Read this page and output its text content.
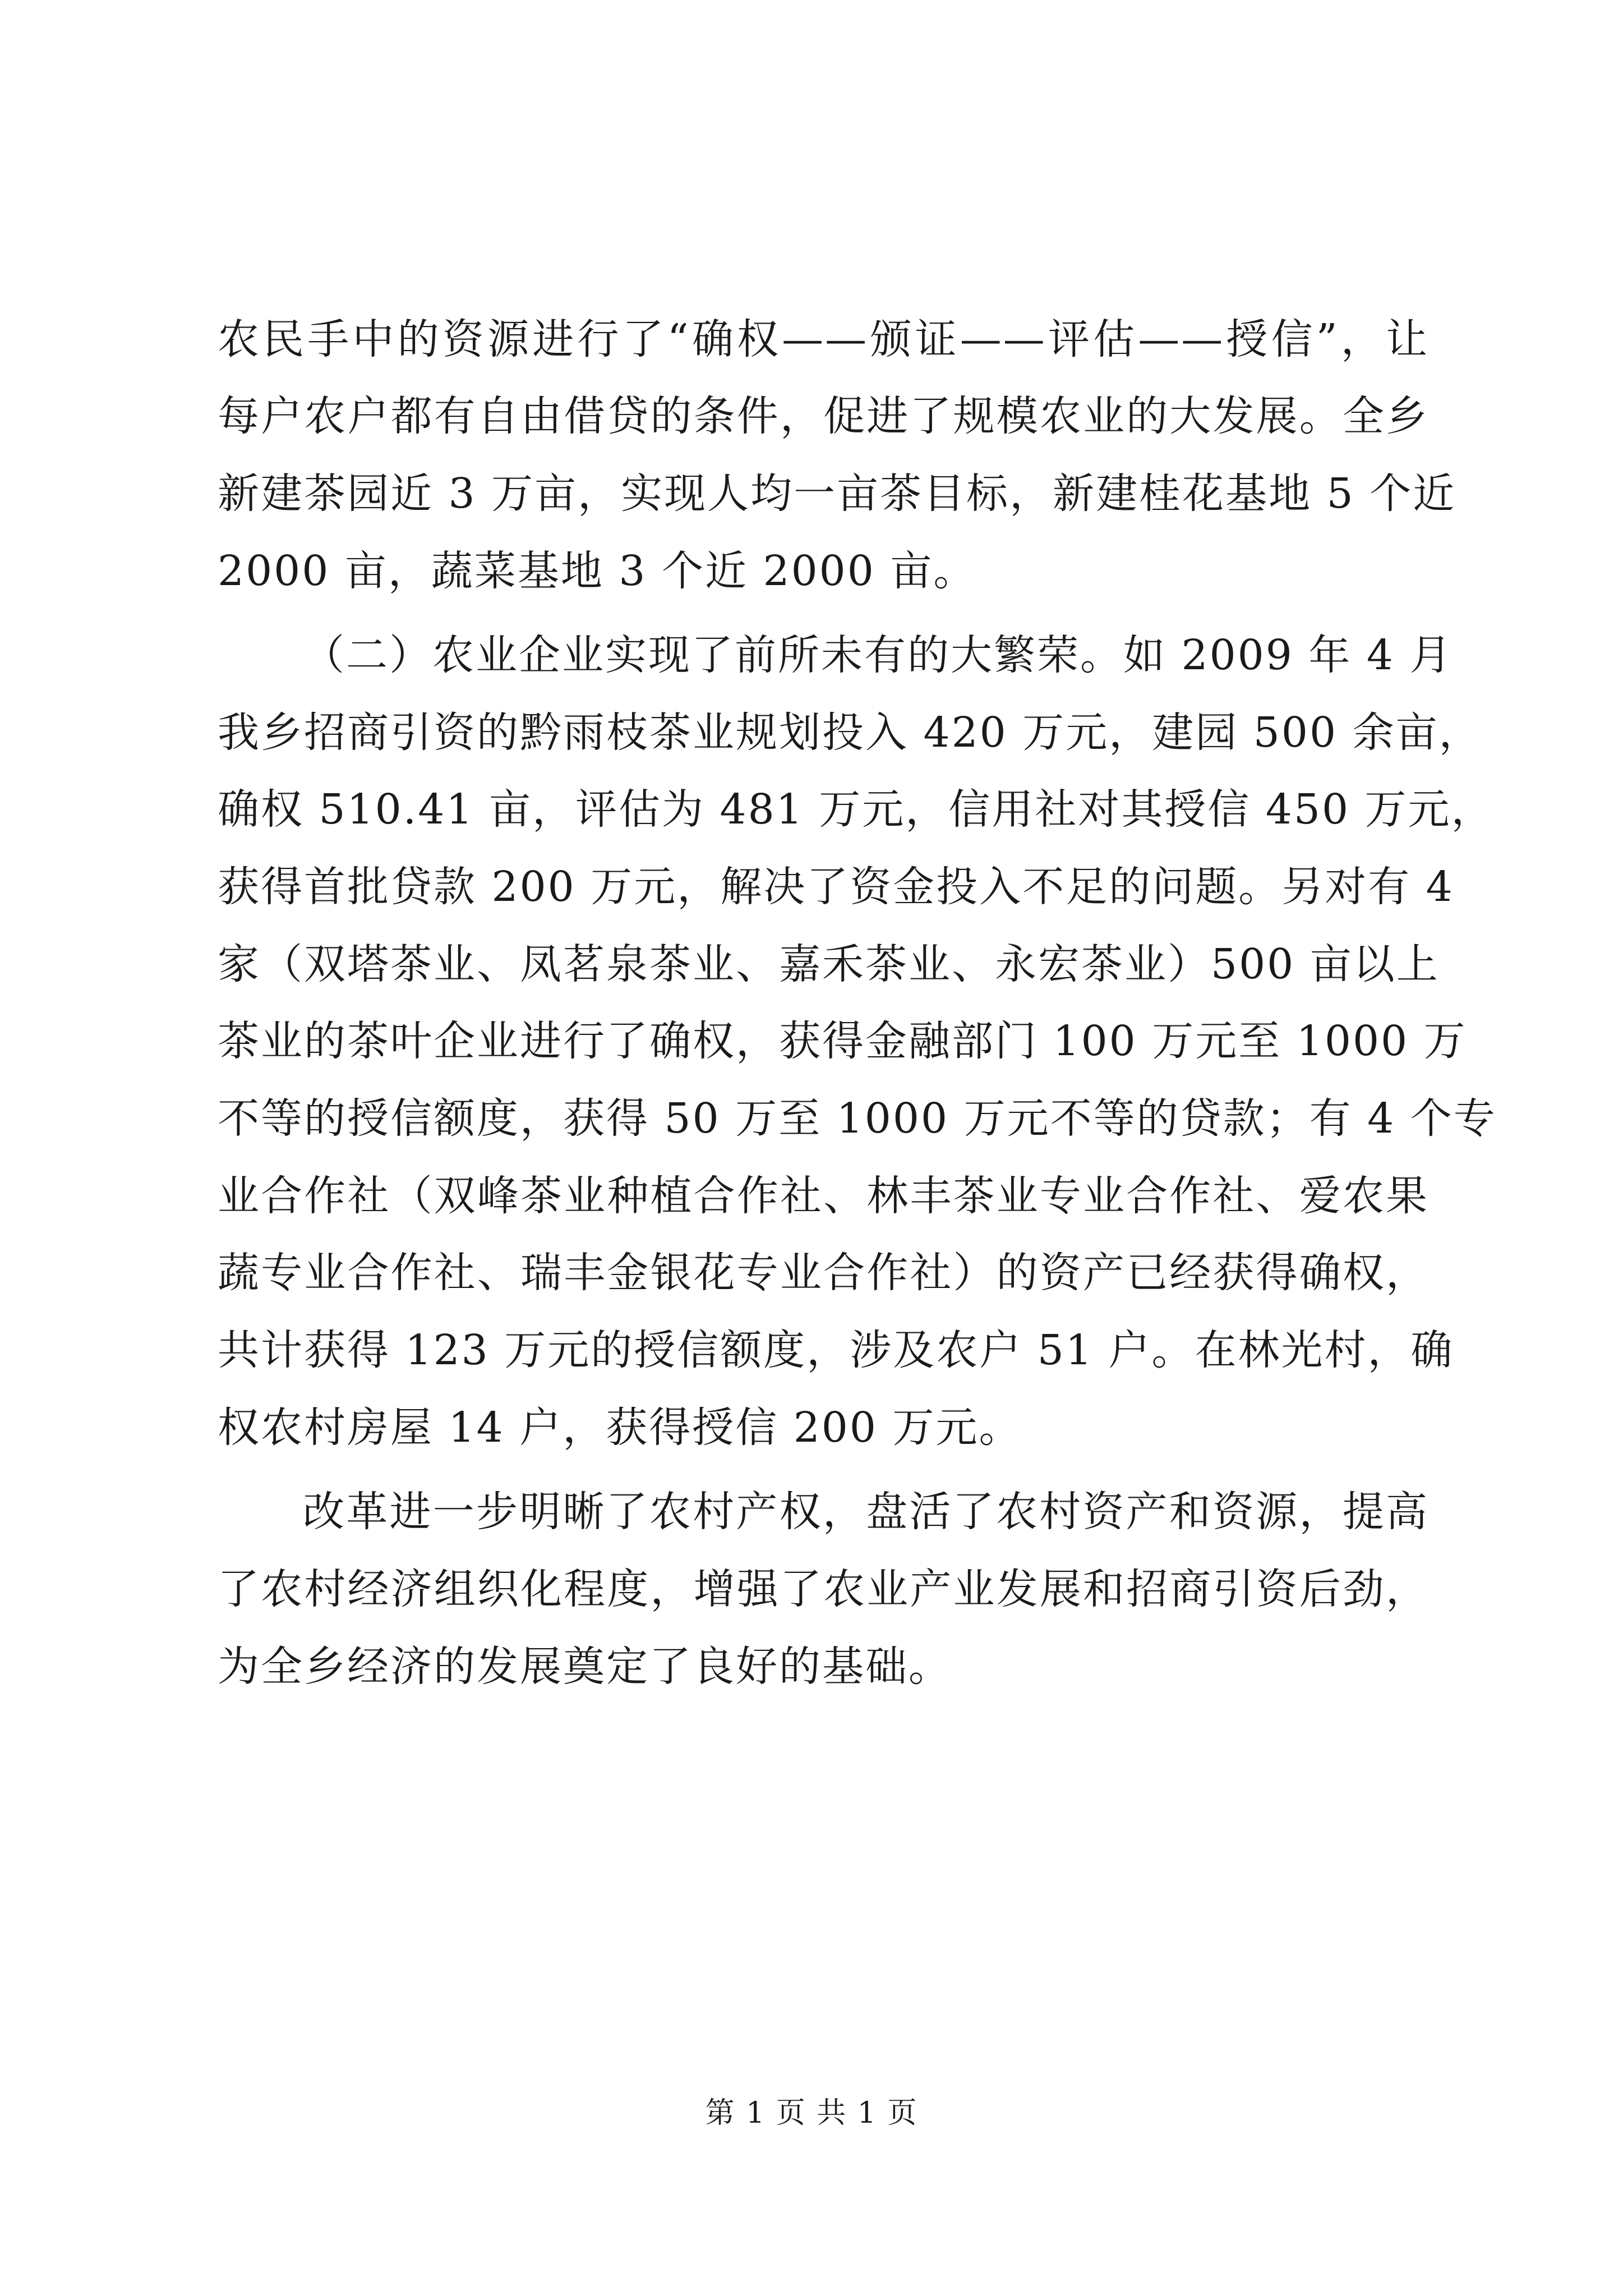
农民手中的资源进行了“确权——颁证——评估——授信”，让
每户农户都有自由借贷的条件，促进了规模农业的大发展。全乡
新建茶园近 3 万亩，实现人均一亩茶目标，新建桂花基地 5 个近
2000 亩，蔬菜基地 3 个近 2000 亩。
（二）农业企业实现了前所未有的大繁荣。如 2009 年 4 月
我乡招商引资的黔雨枝茶业规划投入 420 万元，建园 500 余亩，
确权 510.41 亩，评估为 481 万元，信用社对其授信 450 万元，
获得首批贷款 200 万元，解决了资金投入不足的问题。另对有 4
家（双塔茶业、凤茗泉茶业、嘉禾茶业、永宏茶业）500 亩以上
茶业的茶叶企业进行了确权，获得金融部门 100 万元至 1000 万
不等的授信额度，获得 50 万至 1000 万元不等的贷款；有 4 个专
业合作社（双峰茶业种植合作社、林丰茶业专业合作社、爱农果
蔬专业合作社、瑞丰金银花专业合作社）的资产已经获得确权，
共计获得 123 万元的授信额度，涉及农户 51 户。在林光村，确
权农村房屋 14 户，获得授信 200 万元。
改革进一步明晰了农村产权，盘活了农村资产和资源，提高
了农村经济组织化程度，增强了农业产业发展和招商引资后劲，
为全乡经济的发展奠定了良好的基础。
第 1 页 共 1 页
